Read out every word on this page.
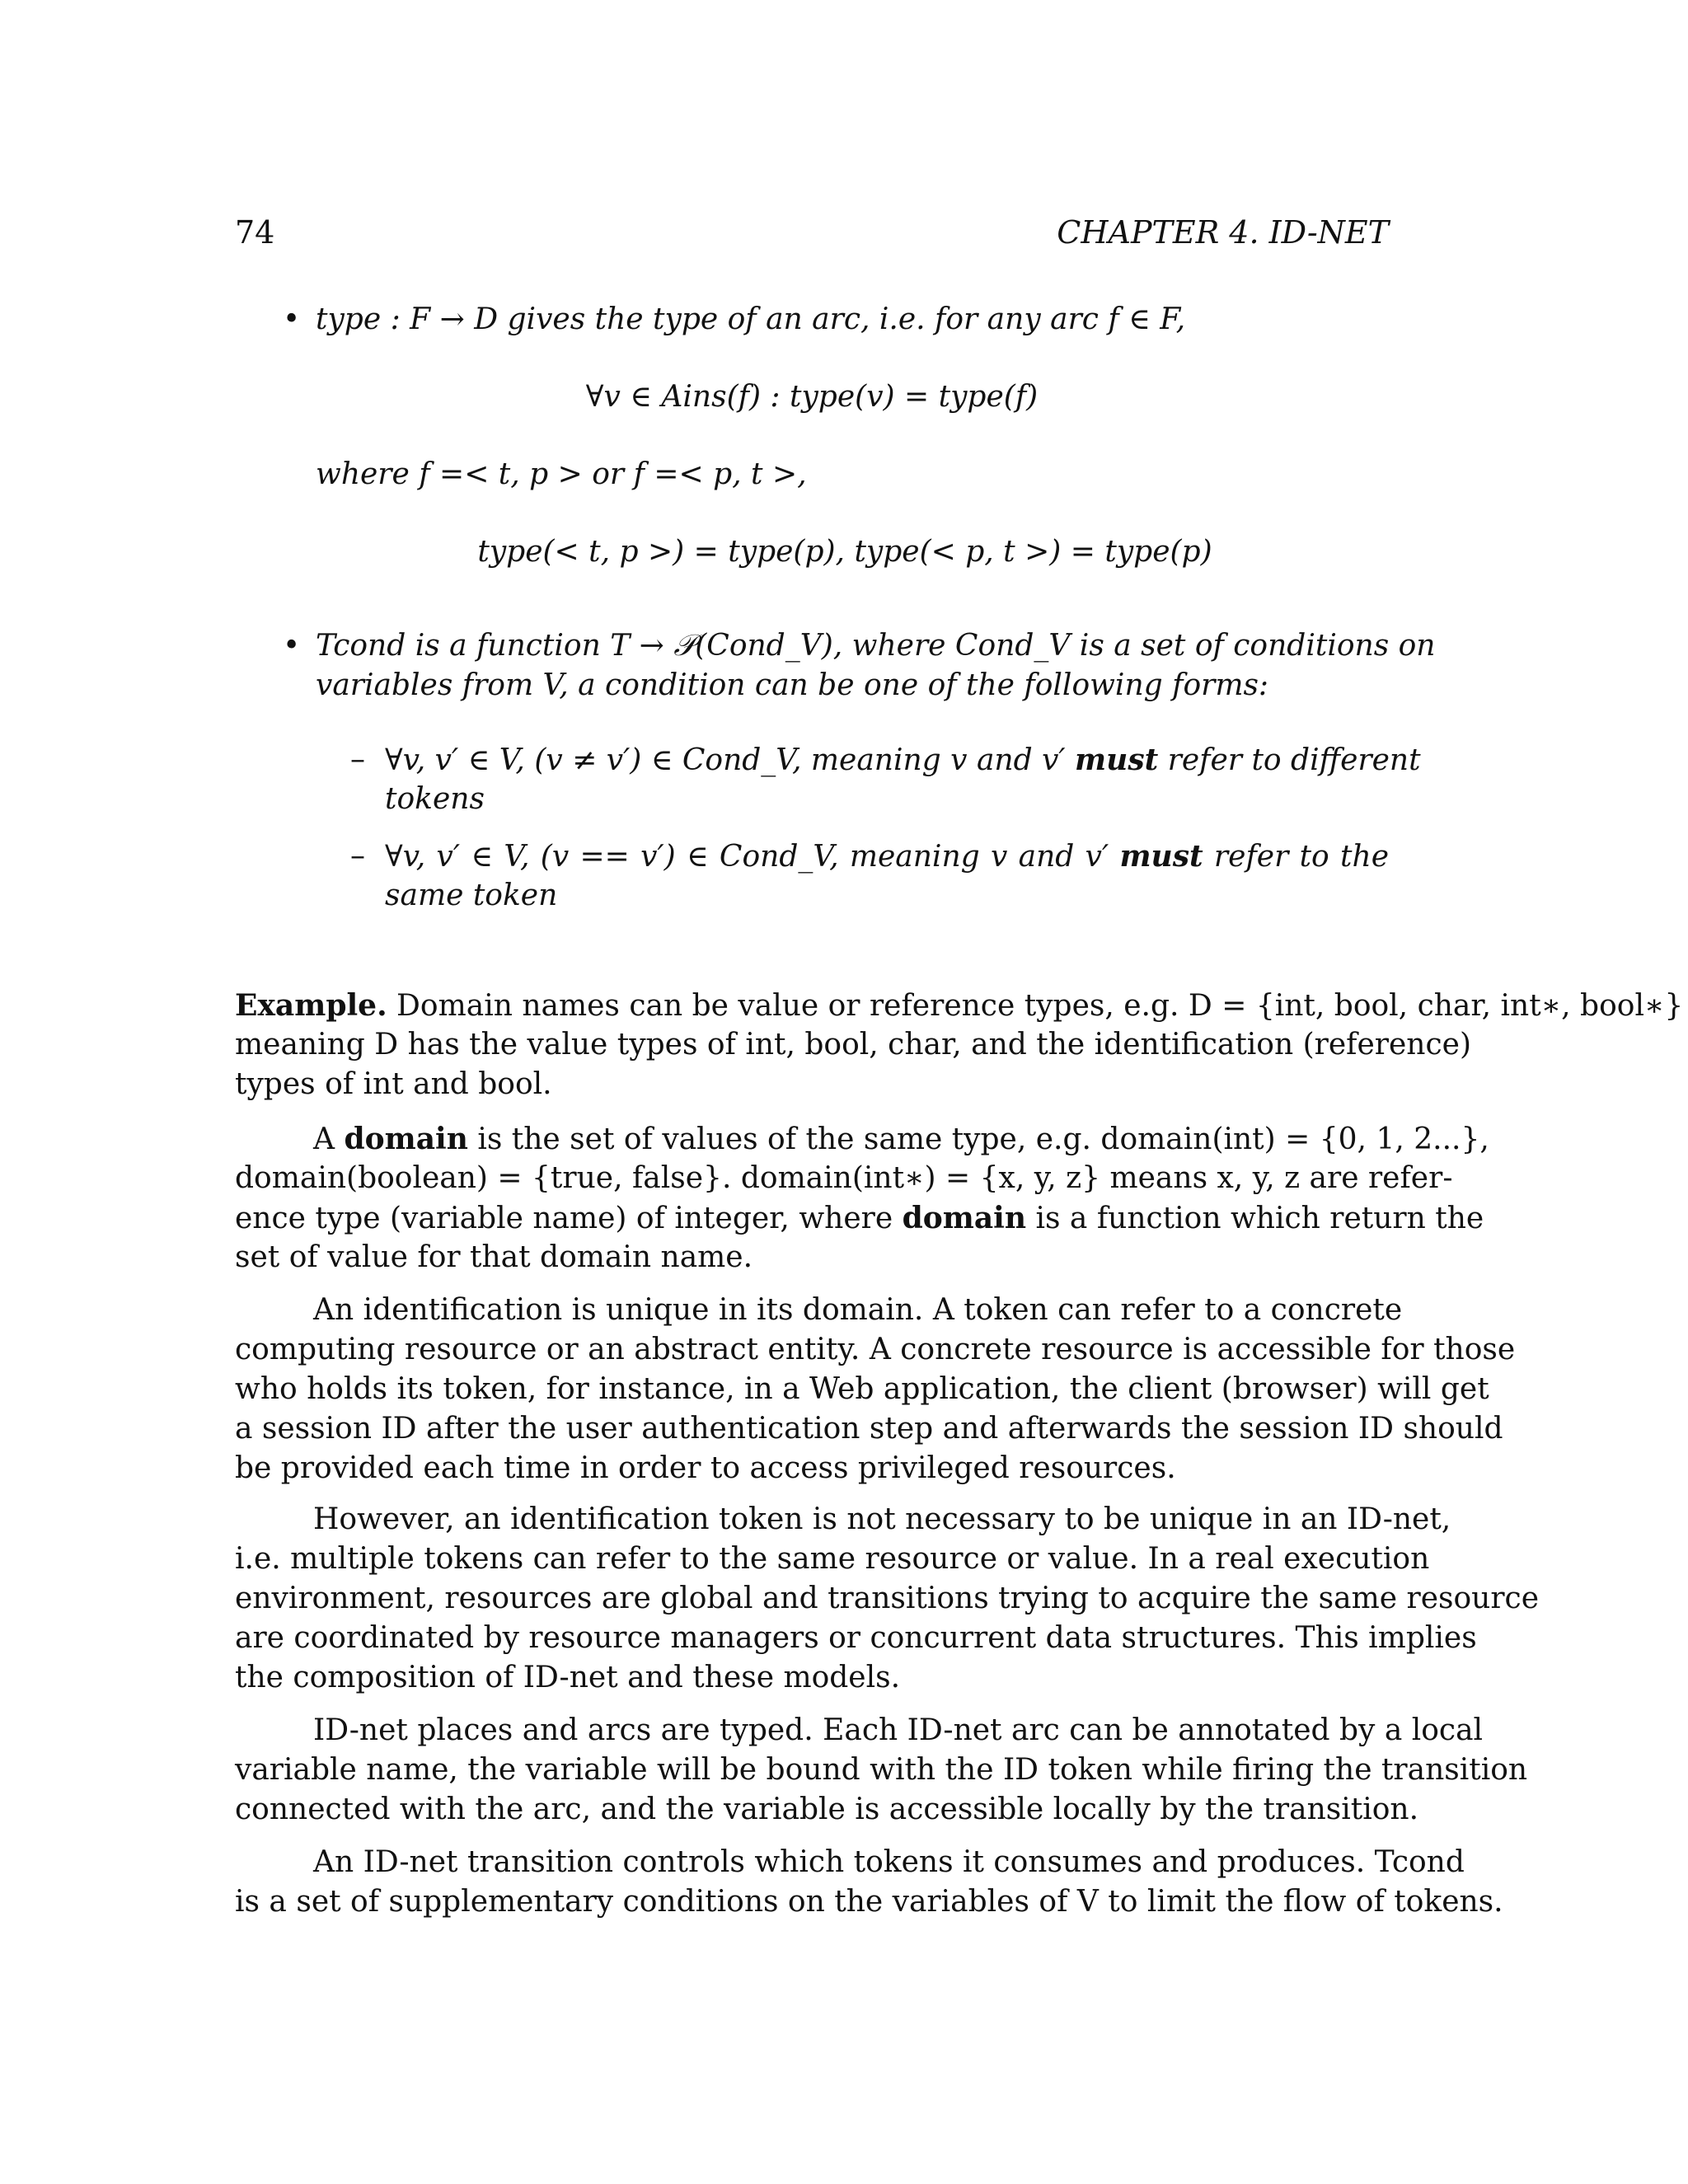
74	CHAPTER 4. ID-NET
• type : F → D gives the type of an arc, i.e. for any arc f ∈ F,
∀v ∈ Ains(f) : type(v) = type(f)
where f =< t, p > or f =< p, t >,
type(< t, p >) = type(p), type(< p, t >) = type(p)
• Tcond is a function T → 𝒫(Cond_V), where Cond_V is a set of conditions on
variables from V, a condition can be one of the following forms:
– ∀v, v′ ∈ V, (v ≠ v′) ∈ Cond_V, meaning v and v′ must refer to different
tokens
– ∀v, v′ ∈ V, (v == v′) ∈ Cond_V, meaning v and v′ must refer to the
same token
Example. Domain names can be value or reference types, e.g. D = {int, bool, char, int∗, bool∗}
meaning D has the value types of int, bool, char, and the identification (reference)
types of int and bool.
A domain is the set of values of the same type, e.g. domain(int) = {0, 1, 2...},
domain(boolean) = {true, false}. domain(int∗) = {x, y, z} means x, y, z are refer-
ence type (variable name) of integer, where domain is a function which return the
set of value for that domain name.
An identification is unique in its domain. A token can refer to a concrete
computing resource or an abstract entity. A concrete resource is accessible for those
who holds its token, for instance, in a Web application, the client (browser) will get
a session ID after the user authentication step and afterwards the session ID should
be provided each time in order to access privileged resources.
However, an identification token is not necessary to be unique in an ID-net,
i.e. multiple tokens can refer to the same resource or value. In a real execution
environment, resources are global and transitions trying to acquire the same resource
are coordinated by resource managers or concurrent data structures. This implies
the composition of ID-net and these models.
ID-net places and arcs are typed. Each ID-net arc can be annotated by a local
variable name, the variable will be bound with the ID token while firing the transition
connected with the arc, and the variable is accessible locally by the transition.
An ID-net transition controls which tokens it consumes and produces. Tcond
is a set of supplementary conditions on the variables of V to limit the flow of tokens.
